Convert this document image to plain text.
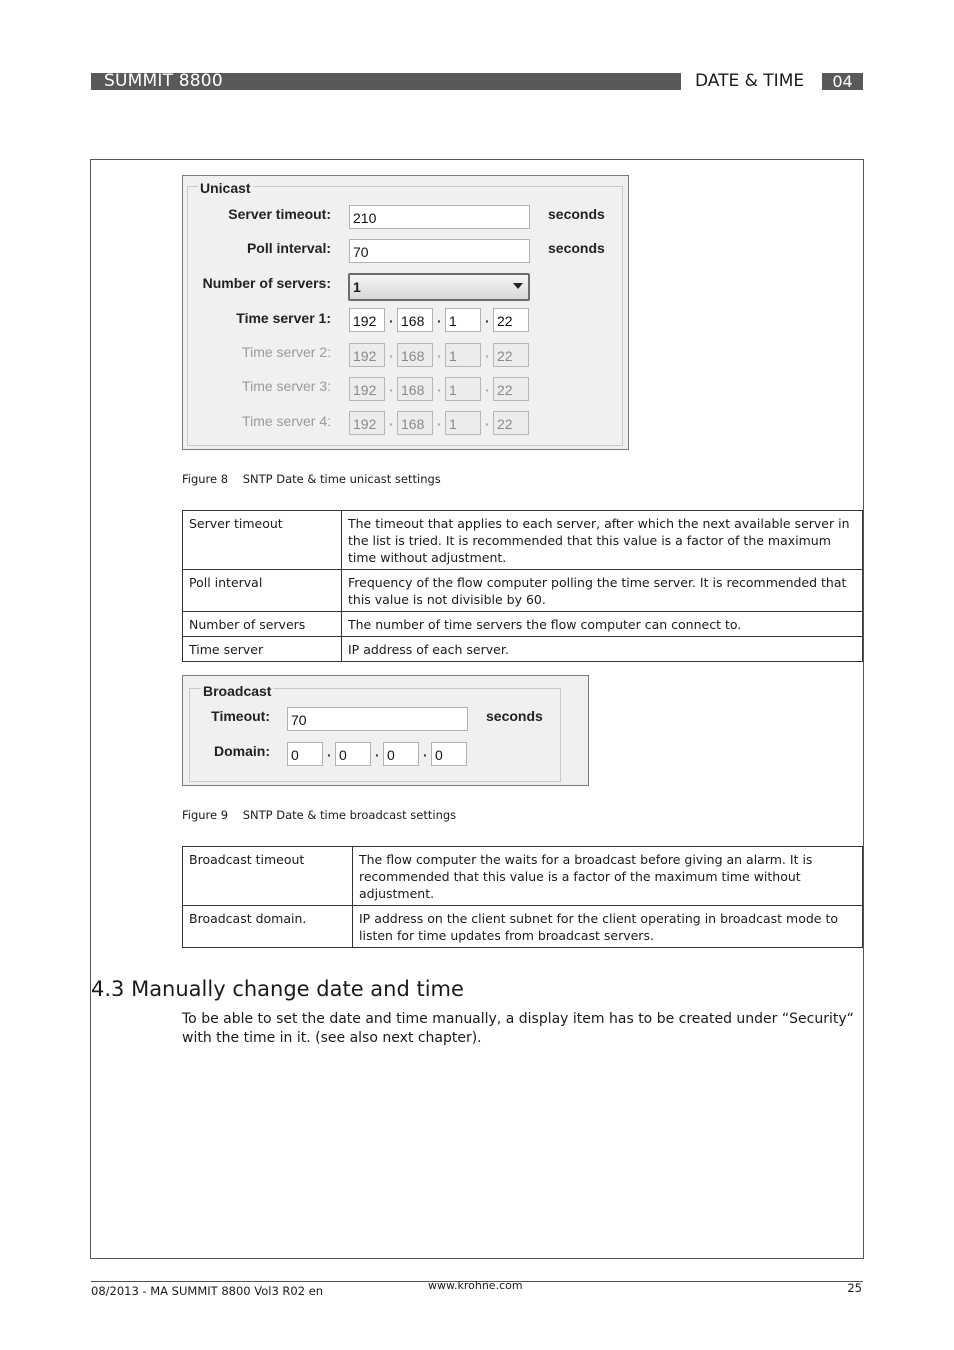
SUMMIT 8800	DATE & TIME	04
Unicast
Server timeout: 210	seconds
Poll interval: 70	seconds
Number of servers:	1
Time server 1: 192 · 168 · 1	· 22
Time server 2: 192 · 168 · 1	· 22
Time server 3: 192 · 168 · 1	· 22
Time server 4: 192 · 168 · 1	· 22
Figure 8    SNTP Date & time unicast settings
Server timeout	The timeout that applies to each server, after which the next available server in the list is tried. It is recommended that this value is a factor of the maximum time without adjustment.
Poll interval	Frequency of the flow computer polling the time server. It is recommended that this value is not divisible by 60.
Number of servers	The number of time servers the flow computer can connect to.
Time server	IP address of each server.
Broadcast
Timeout: 70	seconds
Domain: 0	· 0	· 0	· 0
Figure 9    SNTP Date & time broadcast settings
Broadcast timeout	The flow computer the waits for a broadcast before giving an alarm. It is recommended that this value is a factor of the maximum time without adjustment.
Broadcast domain.	IP address on the client subnet for the client operating in broadcast mode to listen for time updates from broadcast servers.
4.3 Manually change date and time
To be able to set the date and time manually, a display item has to be created under “Security“ with the time in it. (see also next chapter).
08/2013 - MA SUMMIT 8800 Vol3 R02 en	www.krohne.com	25
